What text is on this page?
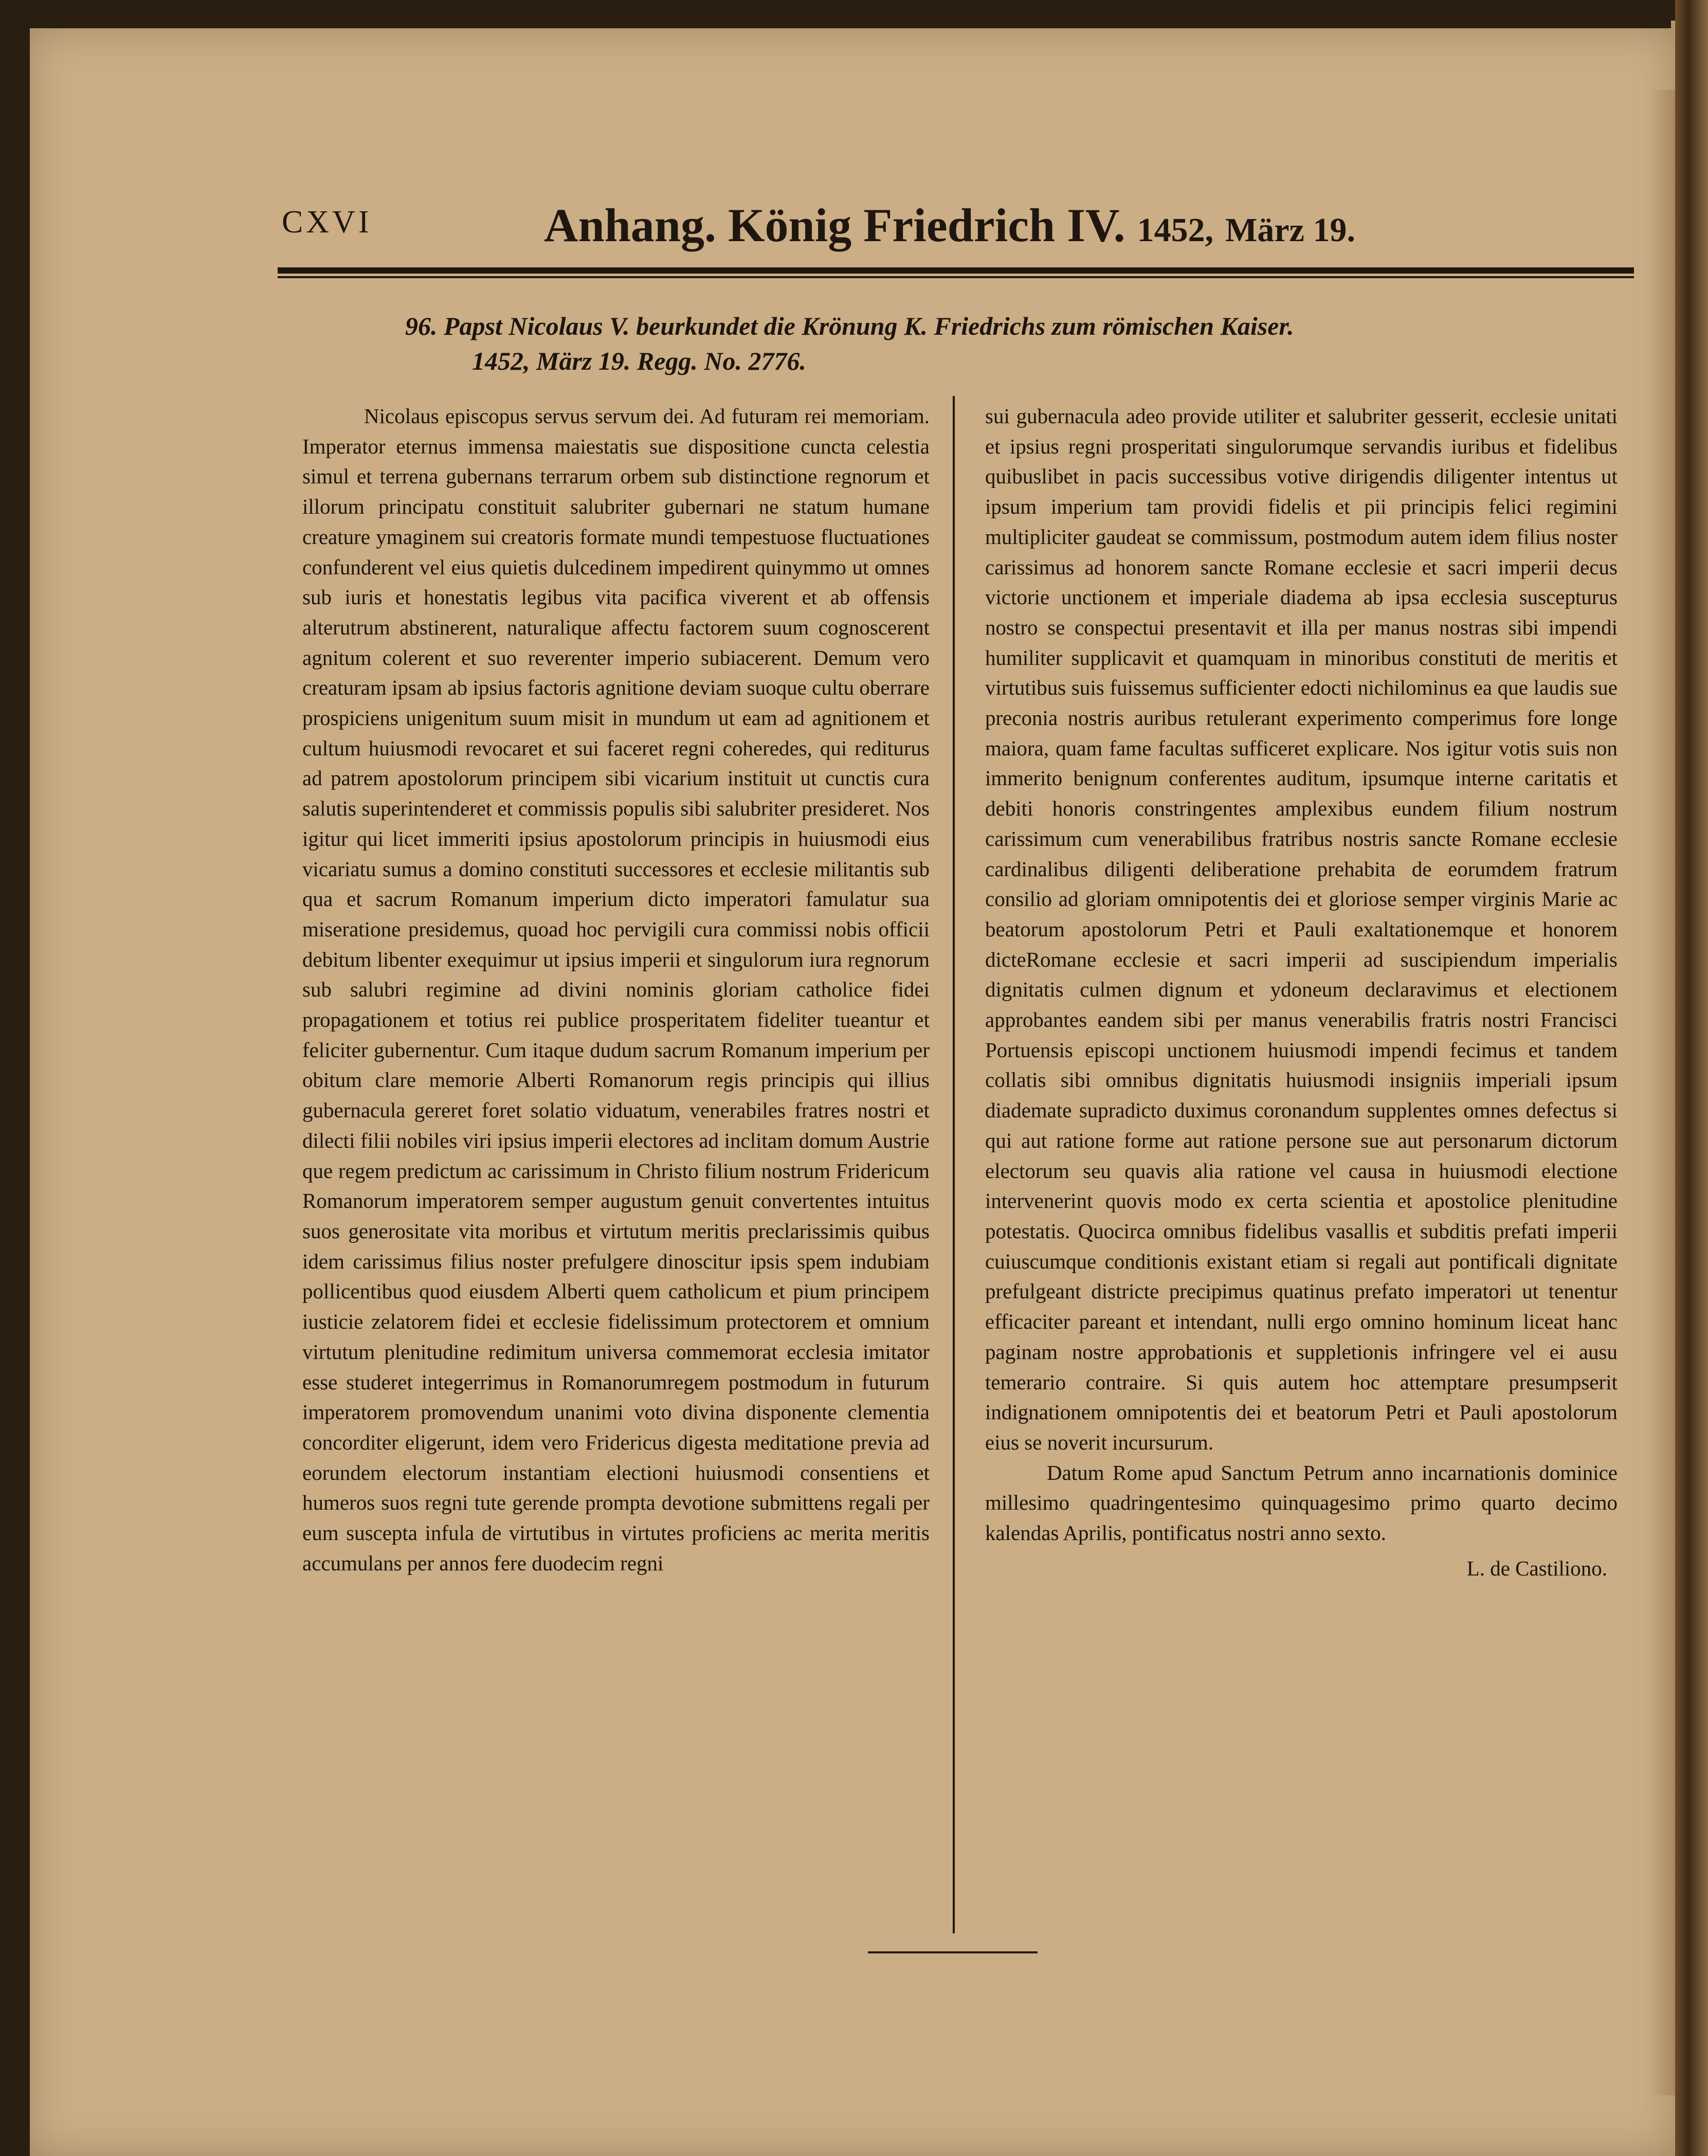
CXVI	Anhang. König Friedrich IV. 1452, März 19.
96. Papst Nicolaus V. beurkundet die Krönung K. Friedrichs zum römischen Kaiser.
1452, März 19. Regg. No. 2776.

Nicolaus episcopus servus servum dei. Ad futuram rei memoriam. Imperator eternus immensa maiestatis sue dispositione cuncta celestia simul et terrena gubernans terrarum orbem sub distinctione regnorum et illorum principatu constituit salubriter gubernari ne statum humane creature ymaginem sui creatoris formate mundi tempestuose fluctuationes confunderent vel eius quietis dulcedinem impedirent quinymmo ut omnes sub iuris et honestatis legibus vita pacifica viverent et ab offensis alterutrum abstinerent, naturalique affectu factorem suum cognoscerent agnitum colerent et suo reverenter imperio subiacerent. Demum vero creaturam ipsam ab ipsius factoris agnitione deviam suoque cultu oberrare prospiciens unigenitum suum misit in mundum ut eam ad agnitionem et cultum huiusmodi revocaret et sui faceret regni coheredes, qui rediturus ad patrem apostolorum principem sibi vicarium instituit ut cunctis cura salutis superintenderet et commissis populis sibi salubriter presideret. Nos igitur qui licet immeriti ipsius apostolorum principis in huiusmodi eius vicariatu sumus a domino constituti successores et ecclesie militantis sub qua et sacrum Romanum imperium dicto imperatori famulatur sua miseratione presidemus, quoad hoc pervigili cura commissi nobis officii debitum libenter exequimur ut ipsius imperii et singulorum iura regnorum sub salubri regimine ad divini nominis gloriam catholice fidei propagationem et totius rei publice prosperitatem fideliter tueantur et feliciter gubernentur. Cum itaque dudum sacrum Romanum imperium per obitum clare memorie Alberti Romanorum regis principis qui illius gubernacula gereret foret solatio viduatum, venerabiles fratres nostri et dilecti filii nobiles viri ipsius imperii electores ad inclitam domum Austrie que regem predictum ac carissimum in Christo filium nostrum Fridericum Romanorum imperatorem semper augustum genuit convertentes intuitus suos generositate vita moribus et virtutum meritis preclarissimis quibus idem carissimus filius noster prefulgere dinoscitur ipsis spem indubiam pollicentibus quod eiusdem Alberti quem catholicum et pium principem iusticie zelatorem fidei et ecclesie fidelissimum protectorem et omnium virtutum plenitudine redimitum universa commemorat ecclesia imitator esse studeret integerrimus in Romanorumregem postmodum in futurum imperatorem promovendum unanimi voto divina disponente clementia concorditer eligerunt, idem vero Fridericus digesta meditatione previa ad eorundem electorum instantiam electioni huiusmodi consentiens et humeros suos regni tute gerende prompta devotione submittens regali per eum suscepta infula de virtutibus in virtutes proficiens ac merita meritis accumulans per annos fere duodecim regni

sui gubernacula adeo provide utiliter et salubriter gesserit, ecclesie unitati et ipsius regni prosperitati singulorumque servandis iuribus et fidelibus quibuslibet in pacis successibus votive dirigendis diligenter intentus ut ipsum imperium tam providi fidelis et pii principis felici regimini multipliciter gaudeat se commissum, postmodum autem idem filius noster carissimus ad honorem sancte Romane ecclesie et sacri imperii decus victorie unctionem et imperiale diadema ab ipsa ecclesia suscepturus nostro se conspectui presentavit et illa per manus nostras sibi impendi humiliter supplicavit et quamquam in minoribus constituti de meritis et virtutibus suis fuissemus sufficienter edocti nichilominus ea que laudis sue preconia nostris auribus retulerant experimento comperimus fore longe maiora, quam fame facultas sufficeret explicare. Nos igitur votis suis non immerito benignum conferentes auditum, ipsumque interne caritatis et debiti honoris constringentes amplexibus eundem filium nostrum carissimum cum venerabilibus fratribus nostris sancte Romane ecclesie cardinalibus diligenti deliberatione prehabita de eorumdem fratrum consilio ad gloriam omnipotentis dei et gloriose semper virginis Marie ac beatorum apostolorum Petri et Pauli exaltationemque et honorem dicteRomane ecclesie et sacri imperii ad suscipiendum imperialis dignitatis culmen dignum et ydoneum declaravimus et electionem approbantes eandem sibi per manus venerabilis fratris nostri Francisci Portuensis episcopi unctionem huiusmodi impendi fecimus et tandem collatis sibi omnibus dignitatis huiusmodi insigniis imperiali ipsum diademate supradicto duximus coronandum supplentes omnes defectus si qui aut ratione forme aut ratione persone sue aut personarum dictorum electorum seu quavis alia ratione vel causa in huiusmodi electione intervenerint quovis modo ex certa scientia et apostolice plenitudine potestatis. Quocirca omnibus fidelibus vasallis et subditis prefati imperii cuiuscumque conditionis existant etiam si regali aut pontificali dignitate prefulgeant districte precipimus quatinus prefato imperatori ut tenentur efficaciter pareant et intendant, nulli ergo omnino hominum liceat hanc paginam nostre approbationis et suppletionis infringere vel ei ausu temerario contraire. Si quis autem hoc attemptare presumpserit indignationem omnipotentis dei et beatorum Petri et Pauli apostolorum eius se noverit incursurum.

Datum Rome apud Sanctum Petrum anno incarnationis dominice millesimo quadringentesimo quinquagesimo primo quarto decimo kalendas Aprilis, pontificatus nostri anno sexto.

L. de Castiliono.
